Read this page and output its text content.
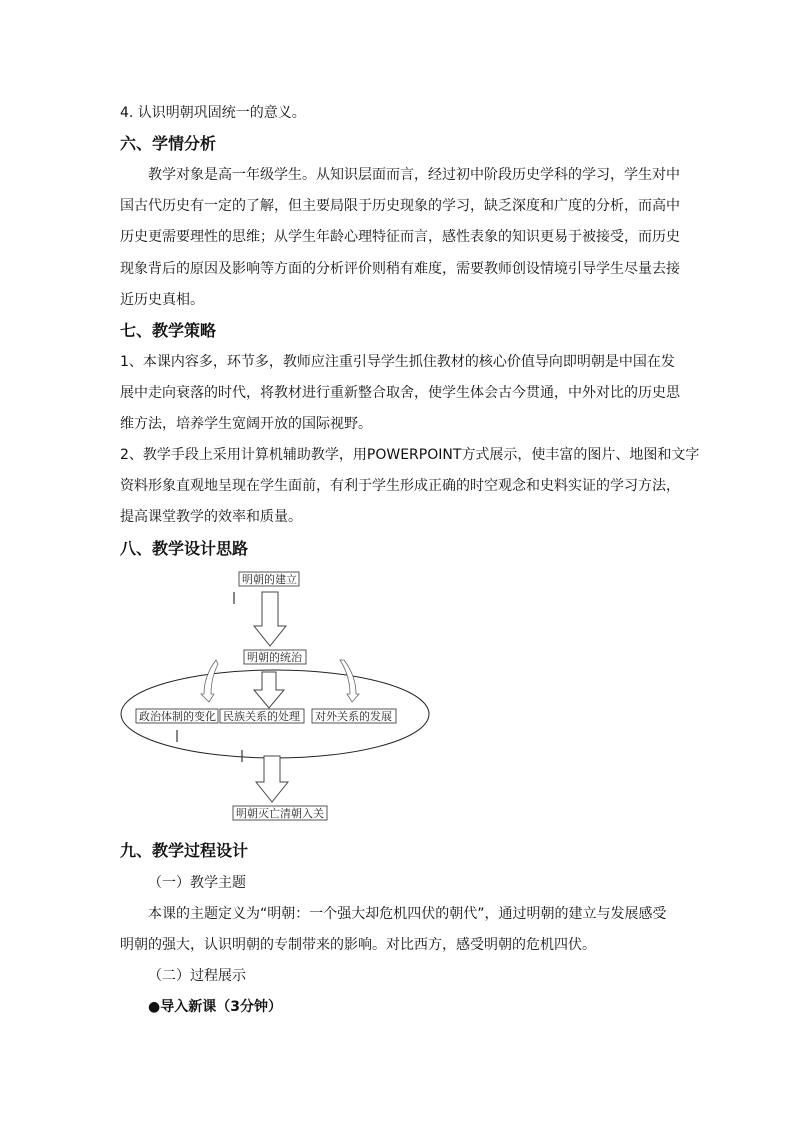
4. 认识明朝巩固统一的意义。
六、学情分析
教学对象是高一年级学生。从知识层面而言，经过初中阶段历史学科的学习，学生对中
国古代历史有一定的了解，但主要局限于历史现象的学习，缺乏深度和广度的分析，而高中
历史更需要理性的思维；从学生年龄心理特征而言，感性表象的知识更易于被接受，而历史
现象背后的原因及影响等方面的分析评价则稍有难度，需要教师创设情境引导学生尽量去接
近历史真相。
七、教学策略
1、本课内容多，环节多，教师应注重引导学生抓住教材的核心价值导向即明朝是中国在发
展中走向衰落的时代，将教材进行重新整合取舍，使学生体会古今贯通，中外对比的历史思
维方法，培养学生宽阔开放的国际视野。
2、教学手段上采用计算机辅助教学，用POWERPOINT方式展示，使丰富的图片、地图和文字
资料形象直观地呈现在学生面前，有利于学生形成正确的时空观念和史料实证的学习方法，
提高课堂教学的效率和质量。
八、教学设计思路
明朝的建立
明朝的统治
政治体制的变化 民族关系的处理 对外关系的发展
明朝灭亡清朝入关
九、教学过程设计
（一）教学主题
本课的主题定义为“明朝：一个强大却危机四伏的朝代”，通过明朝的建立与发展感受
明朝的强大，认识明朝的专制带来的影响。对比西方，感受明朝的危机四伏。
（二）过程展示
●导入新课（3分钟）
